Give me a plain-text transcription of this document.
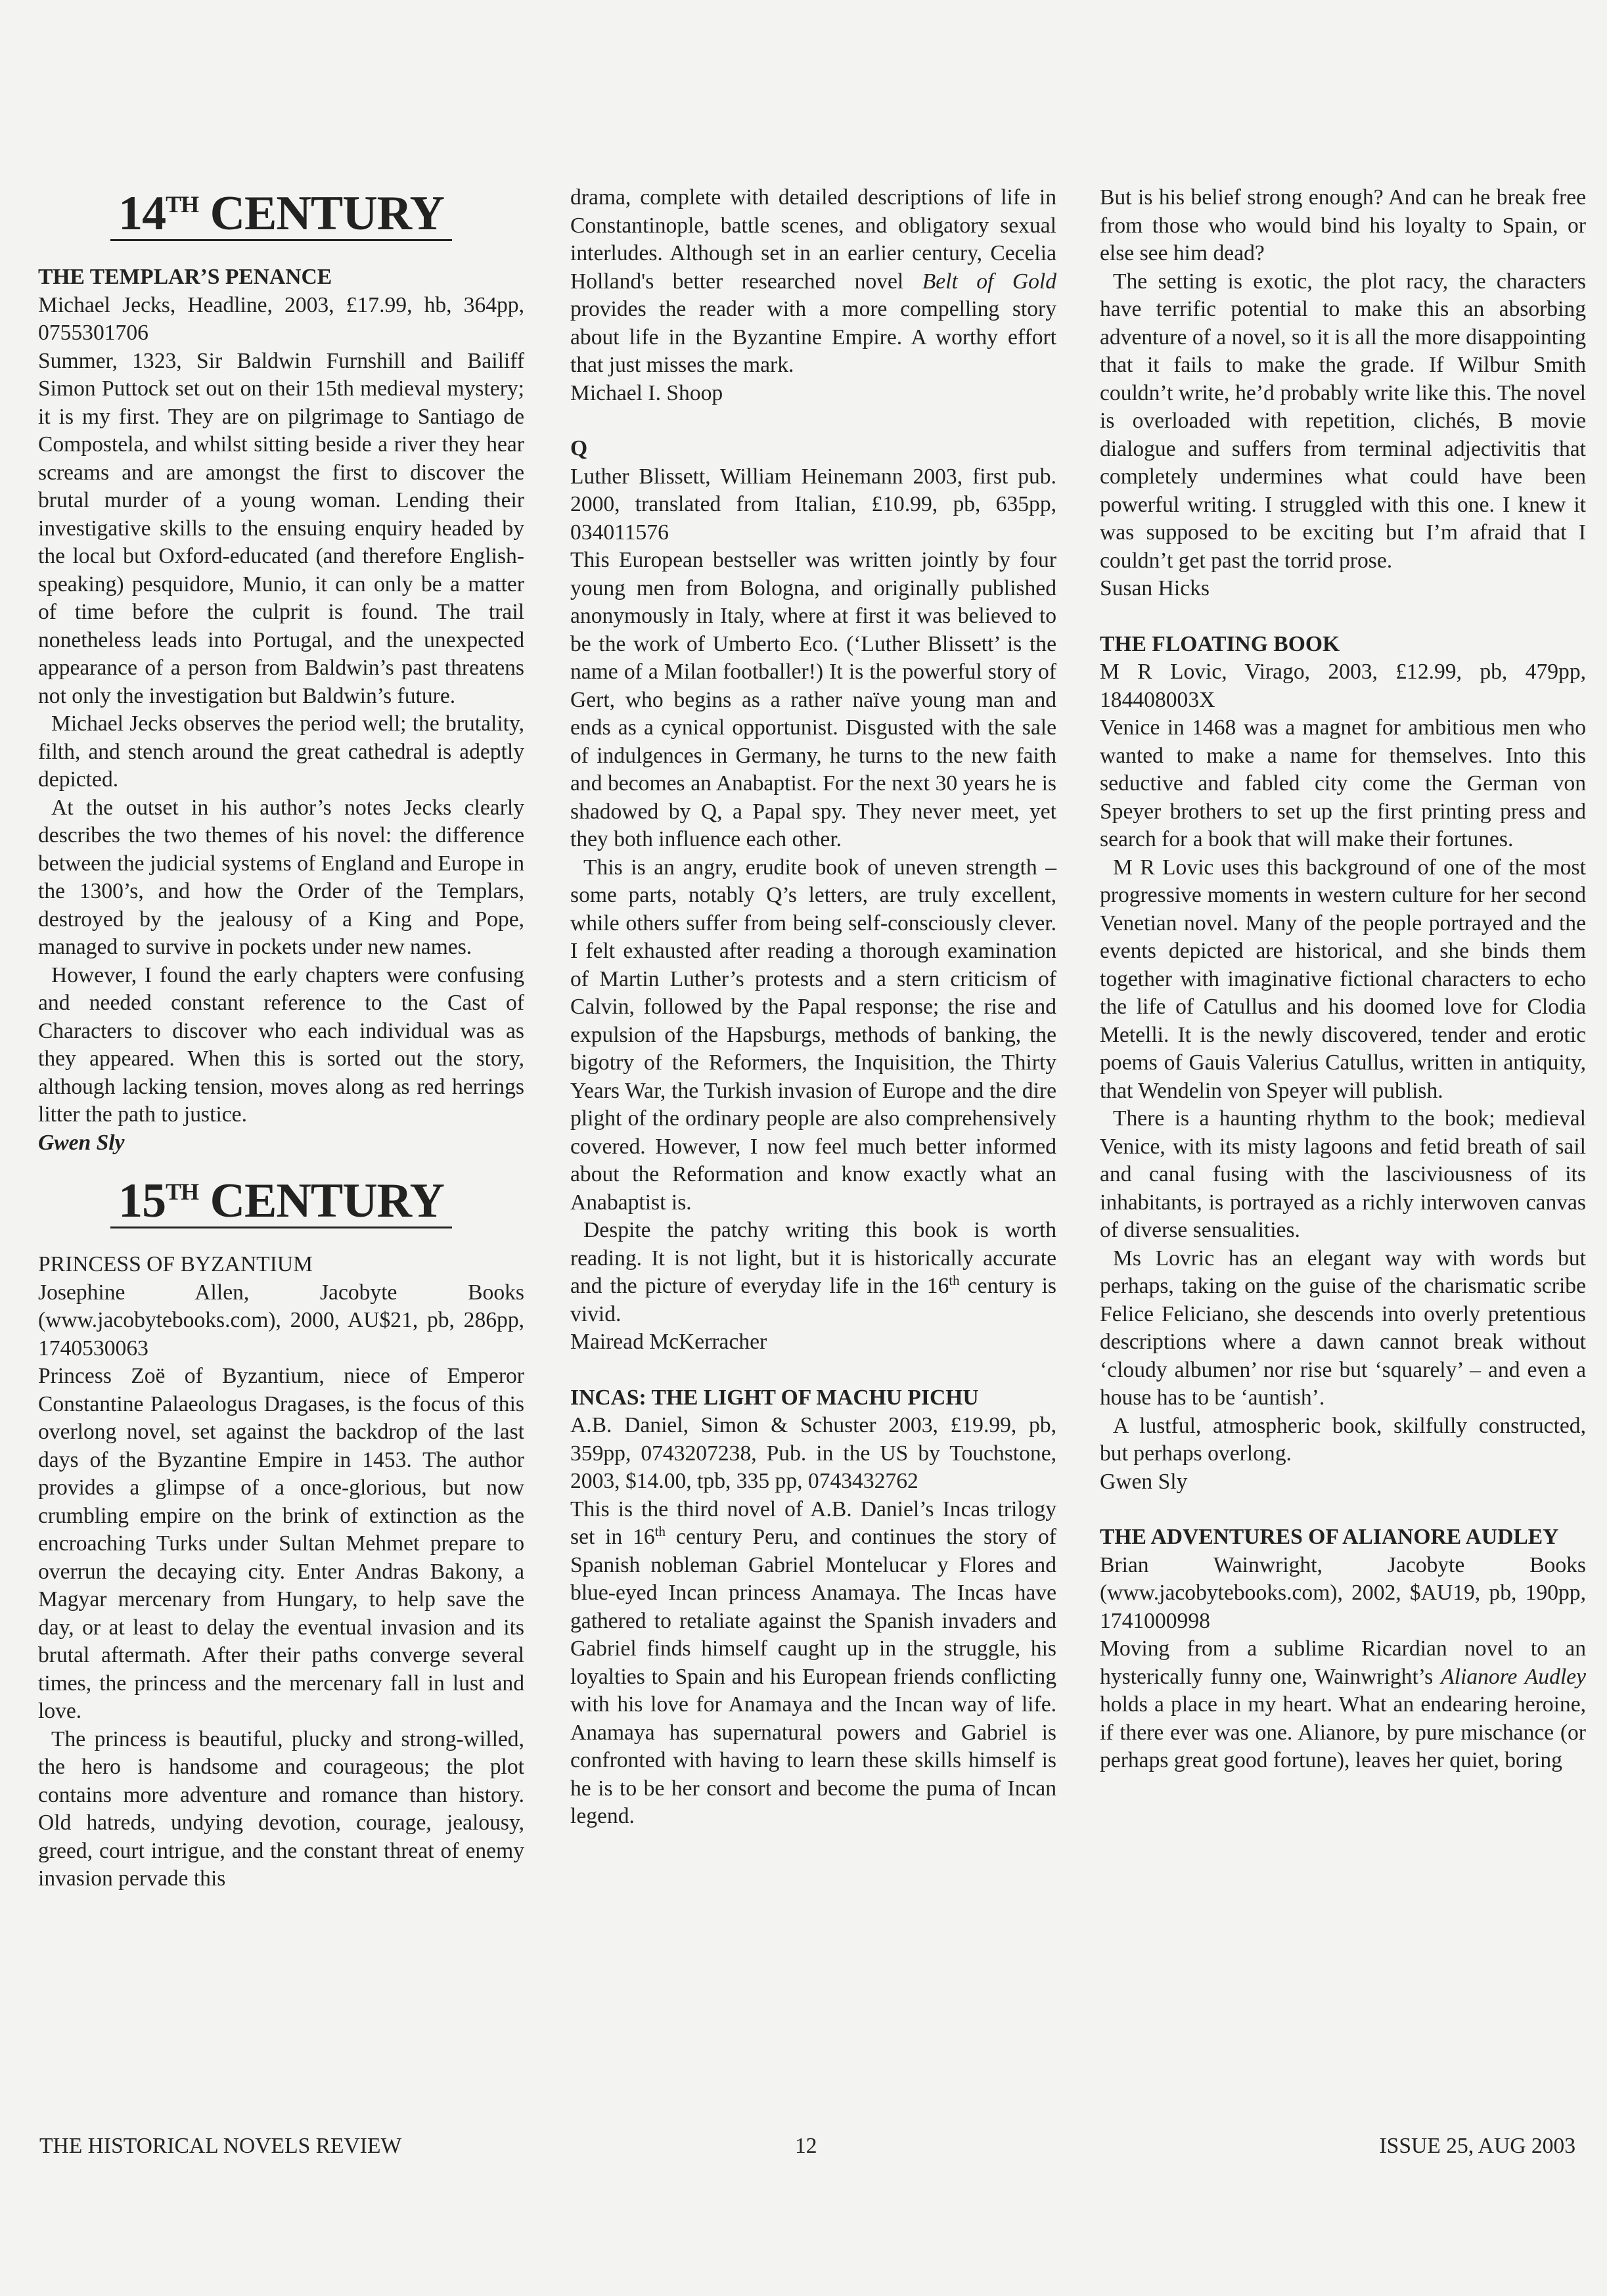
14TH CENTURY
THE TEMPLAR’S PENANCE

Michael Jecks, Headline, 2003, £17.99, hb, 364pp, 0755301706

Summer, 1323, Sir Baldwin Furnshill and Bailiff Simon Puttock set out on their 15th medieval mystery; it is my first. They are on pilgrimage to Santiago de Compostela, and whilst sitting beside a river they hear screams and are amongst the first to discover the brutal murder of a young woman. Lending their investigative skills to the ensuing enquiry headed by the local but Oxford-educated (and therefore English-speaking) pesquidore, Munio, it can only be a matter of time before the culprit is found. The trail nonetheless leads into Portugal, and the unexpected appearance of a person from Baldwin’s past threatens not only the investigation but Baldwin’s future.

Michael Jecks observes the period well; the brutality, filth, and stench around the great cathedral is adeptly depicted.

At the outset in his author’s notes Jecks clearly describes the two themes of his novel: the difference between the judicial systems of England and Europe in the 1300’s, and how the Order of the Templars, destroyed by the jealousy of a King and Pope, managed to survive in pockets under new names.

However, I found the early chapters were confusing and needed constant reference to the Cast of Characters to discover who each individual was as they appeared. When this is sorted out the story, although lacking tension, moves along as red herrings litter the path to justice.

Gwen Sly

15TH CENTURY
PRINCESS OF BYZANTIUM

Josephine Allen, Jacobyte Books (www.jacobytebooks.com), 2000, AU$21, pb, 286pp, 1740530063

Princess Zoë of Byzantium, niece of Emperor Constantine Palaeologus Dragases, is the focus of this overlong novel, set against the backdrop of the last days of the Byzantine Empire in 1453. The author provides a glimpse of a once-glorious, but now crumbling empire on the brink of extinction as the encroaching Turks under Sultan Mehmet prepare to overrun the decaying city. Enter Andras Bakony, a Magyar mercenary from Hungary, to help save the day, or at least to delay the eventual invasion and its brutal aftermath. After their paths converge several times, the princess and the mercenary fall in lust and love.

The princess is beautiful, plucky and strong-willed, the hero is handsome and courageous; the plot contains more adventure and romance than history. Old hatreds, undying devotion, courage, jealousy, greed, court intrigue, and the constant threat of enemy invasion pervade this

drama, complete with detailed descriptions of life in Constantinople, battle scenes, and obligatory sexual interludes. Although set in an earlier century, Cecelia Holland's better researched novel Belt of Gold provides the reader with a more compelling story about life in the Byzantine Empire. A worthy effort that just misses the mark.

Michael I. Shoop

Q

Luther Blissett, William Heinemann 2003, first pub. 2000, translated from Italian, £10.99, pb, 635pp, 034011576

This European bestseller was written jointly by four young men from Bologna, and originally published anonymously in Italy, where at first it was believed to be the work of Umberto Eco. (‘Luther Blissett’ is the name of a Milan footballer!) It is the powerful story of Gert, who begins as a rather naïve young man and ends as a cynical opportunist. Disgusted with the sale of indulgences in Germany, he turns to the new faith and becomes an Anabaptist. For the next 30 years he is shadowed by Q, a Papal spy. They never meet, yet they both influence each other.

This is an angry, erudite book of uneven strength – some parts, notably Q’s letters, are truly excellent, while others suffer from being self-consciously clever. I felt exhausted after reading a thorough examination of Martin Luther’s protests and a stern criticism of Calvin, followed by the Papal response; the rise and expulsion of the Hapsburgs, methods of banking, the bigotry of the Reformers, the Inquisition, the Thirty Years War, the Turkish invasion of Europe and the dire plight of the ordinary people are also comprehensively covered. However, I now feel much better informed about the Reformation and know exactly what an Anabaptist is.

Despite the patchy writing this book is worth reading. It is not light, but it is historically accurate and the picture of everyday life in the 16th century is vivid.

Mairead McKerracher

INCAS: THE LIGHT OF MACHU PICHU

A.B. Daniel, Simon & Schuster 2003, £19.99, pb, 359pp, 0743207238, Pub. in the US by Touchstone, 2003, $14.00, tpb, 335 pp, 0743432762

This is the third novel of A.B. Daniel’s Incas trilogy set in 16th century Peru, and continues the story of Spanish nobleman Gabriel Montelucar y Flores and blue-eyed Incan princess Anamaya. The Incas have gathered to retaliate against the Spanish invaders and Gabriel finds himself caught up in the struggle, his loyalties to Spain and his European friends conflicting with his love for Anamaya and the Incan way of life. Anamaya has supernatural powers and Gabriel is confronted with having to learn these skills himself is he is to be her consort and become the puma of Incan legend.

But is his belief strong enough? And can he break free from those who would bind his loyalty to Spain, or else see him dead?

The setting is exotic, the plot racy, the characters have terrific potential to make this an absorbing adventure of a novel, so it is all the more disappointing that it fails to make the grade. If Wilbur Smith couldn’t write, he’d probably write like this. The novel is overloaded with repetition, clichés, B movie dialogue and suffers from terminal adjectivitis that completely undermines what could have been powerful writing. I struggled with this one. I knew it was supposed to be exciting but I’m afraid that I couldn’t get past the torrid prose.

Susan Hicks

THE FLOATING BOOK

M R Lovic, Virago, 2003, £12.99, pb, 479pp, 184408003X

Venice in 1468 was a magnet for ambitious men who wanted to make a name for themselves. Into this seductive and fabled city come the German von Speyer brothers to set up the first printing press and search for a book that will make their fortunes.

M R Lovic uses this background of one of the most progressive moments in western culture for her second Venetian novel. Many of the people portrayed and the events depicted are historical, and she binds them together with imaginative fictional characters to echo the life of Catullus and his doomed love for Clodia Metelli. It is the newly discovered, tender and erotic poems of Gauis Valerius Catullus, written in antiquity, that Wendelin von Speyer will publish.

There is a haunting rhythm to the book; medieval Venice, with its misty lagoons and fetid breath of sail and canal fusing with the lasciviousness of its inhabitants, is portrayed as a richly interwoven canvas of diverse sensualities.

Ms Lovric has an elegant way with words but perhaps, taking on the guise of the charismatic scribe Felice Feliciano, she descends into overly pretentious descriptions where a dawn cannot break without ‘cloudy albumen’ nor rise but ‘squarely’ – and even a house has to be ‘auntish’.

A lustful, atmospheric book, skilfully constructed, but perhaps overlong.

Gwen Sly

THE ADVENTURES OF ALIANORE AUDLEY

Brian Wainwright, Jacobyte Books (www.jacobytebooks.com), 2002, $AU19, pb, 190pp, 1741000998

Moving from a sublime Ricardian novel to an hysterically funny one, Wainwright’s Alianore Audley holds a place in my heart. What an endearing heroine, if there ever was one. Alianore, by pure mischance (or perhaps great good fortune), leaves her quiet, boring

THE HISTORICAL NOVELS REVIEW	12	ISSUE 25, AUG 2003
